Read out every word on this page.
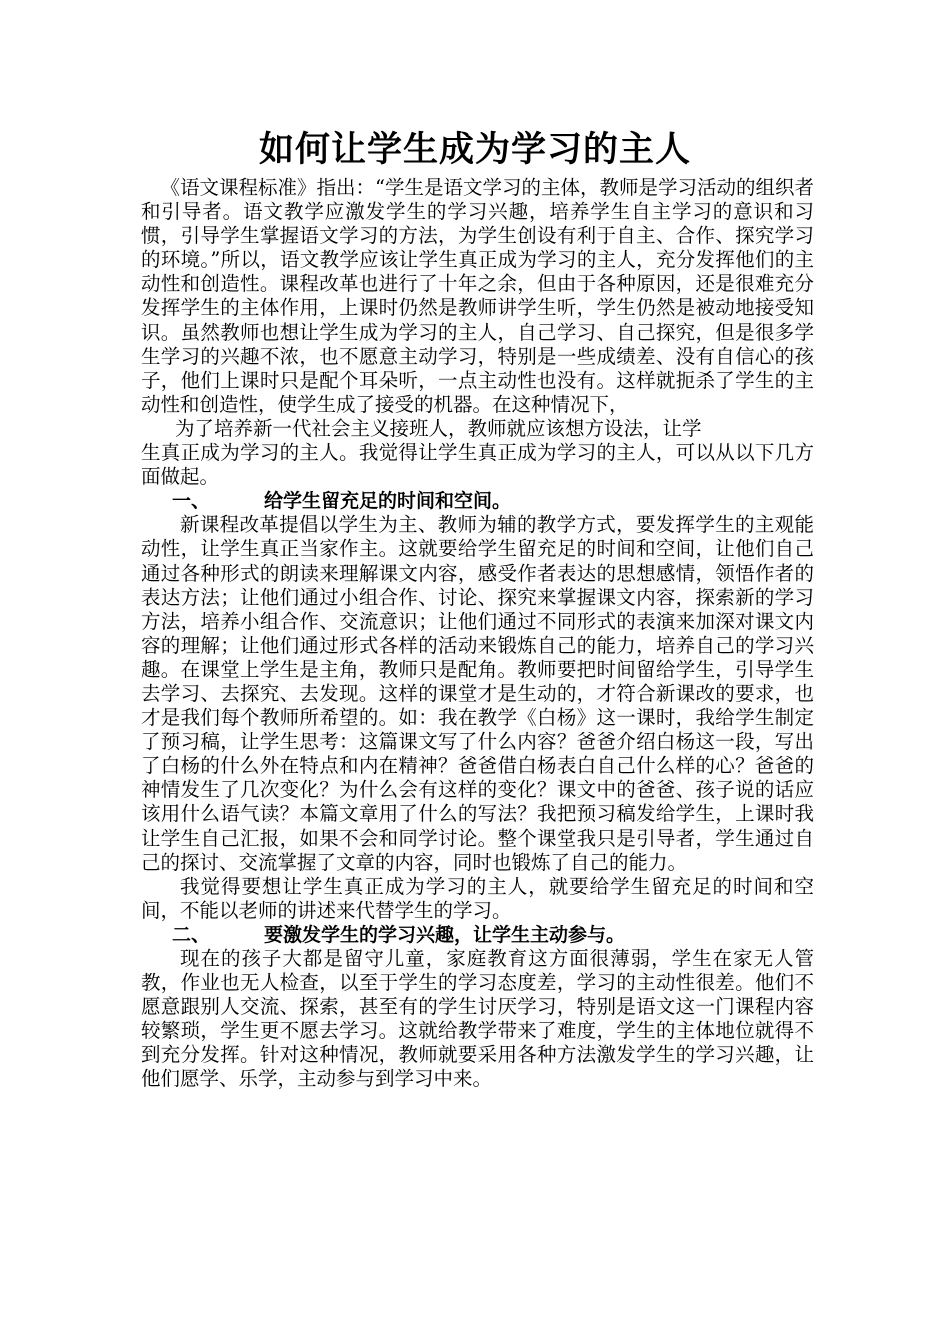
如何让学生成为学习的主人

《语文课程标准》指出：“学生是语文学习的主体，教师是学习活动的组织者和引导者。语文教学应激发学生的学习兴趣，培养学生自主学习的意识和习惯，引导学生掌握语文学习的方法，为学生创设有利于自主、合作、探究学习的环境。”所以，语文教学应该让学生真正成为学习的主人，充分发挥他们的主动性和创造性。课程改革也进行了十年之余，但由于各种原因，还是很难充分发挥学生的主体作用，上课时仍然是教师讲学生听，学生仍然是被动地接受知识。虽然教师也想让学生成为学习的主人，自己学习、自己探究，但是很多学生学习的兴趣不浓，也不愿意主动学习，特别是一些成绩差、没有自信心的孩子，他们上课时只是配个耳朵听，一点主动性也没有。这样就扼杀了学生的主动性和创造性，使学生成了接受的机器。在这种情况下，

为了培养新一代社会主义接班人，教师就应该想方设法，让学
生真正成为学习的主人。我觉得让学生真正成为学习的主人，可以从以下几方面做起。

一、	给学生留充足的时间和空间。

新课程改革提倡以学生为主、教师为辅的教学方式，要发挥学生的主观能动性，让学生真正当家作主。这就要给学生留充足的时间和空间，让他们自己通过各种形式的朗读来理解课文内容，感受作者表达的思想感情，领悟作者的表达方法；让他们通过小组合作、讨论、探究来掌握课文内容，探索新的学习方法，培养小组合作、交流意识；让他们通过不同形式的表演来加深对课文内容的理解；让他们通过形式各样的活动来锻炼自己的能力，培养自己的学习兴趣。在课堂上学生是主角，教师只是配角。教师要把时间留给学生，引导学生去学习、去探究、去发现。这样的课堂才是生动的，才符合新课改的要求，也才是我们每个教师所希望的。如：我在教学《白杨》这一课时，我给学生制定了预习稿，让学生思考：这篇课文写了什么内容？爸爸介绍白杨这一段，写出了白杨的什么外在特点和内在精神？爸爸借白杨表白自己什么样的心？爸爸的神情发生了几次变化？为什么会有这样的变化？课文中的爸爸、孩子说的话应该用什么语气读？本篇文章用了什么的写法？我把预习稿发给学生，上课时我让学生自己汇报，如果不会和同学讨论。整个课堂我只是引导者，学生通过自己的探讨、交流掌握了文章的内容，同时也锻炼了自己的能力。

我觉得要想让学生真正成为学习的主人，就要给学生留充足的时间和空间，不能以老师的讲述来代替学生的学习。

二、	要激发学生的学习兴趣，让学生主动参与。

现在的孩子大都是留守儿童，家庭教育这方面很薄弱，学生在家无人管教，作业也无人检查，以至于学生的学习态度差，学习的主动性很差。他们不愿意跟别人交流、探索，甚至有的学生讨厌学习，特别是语文这一门课程内容较繁琐，学生更不愿去学习。这就给教学带来了难度，学生的主体地位就得不到充分发挥。针对这种情况，教师就要采用各种方法激发学生的学习兴趣，让他们愿学、乐学，主动参与到学习中来。
